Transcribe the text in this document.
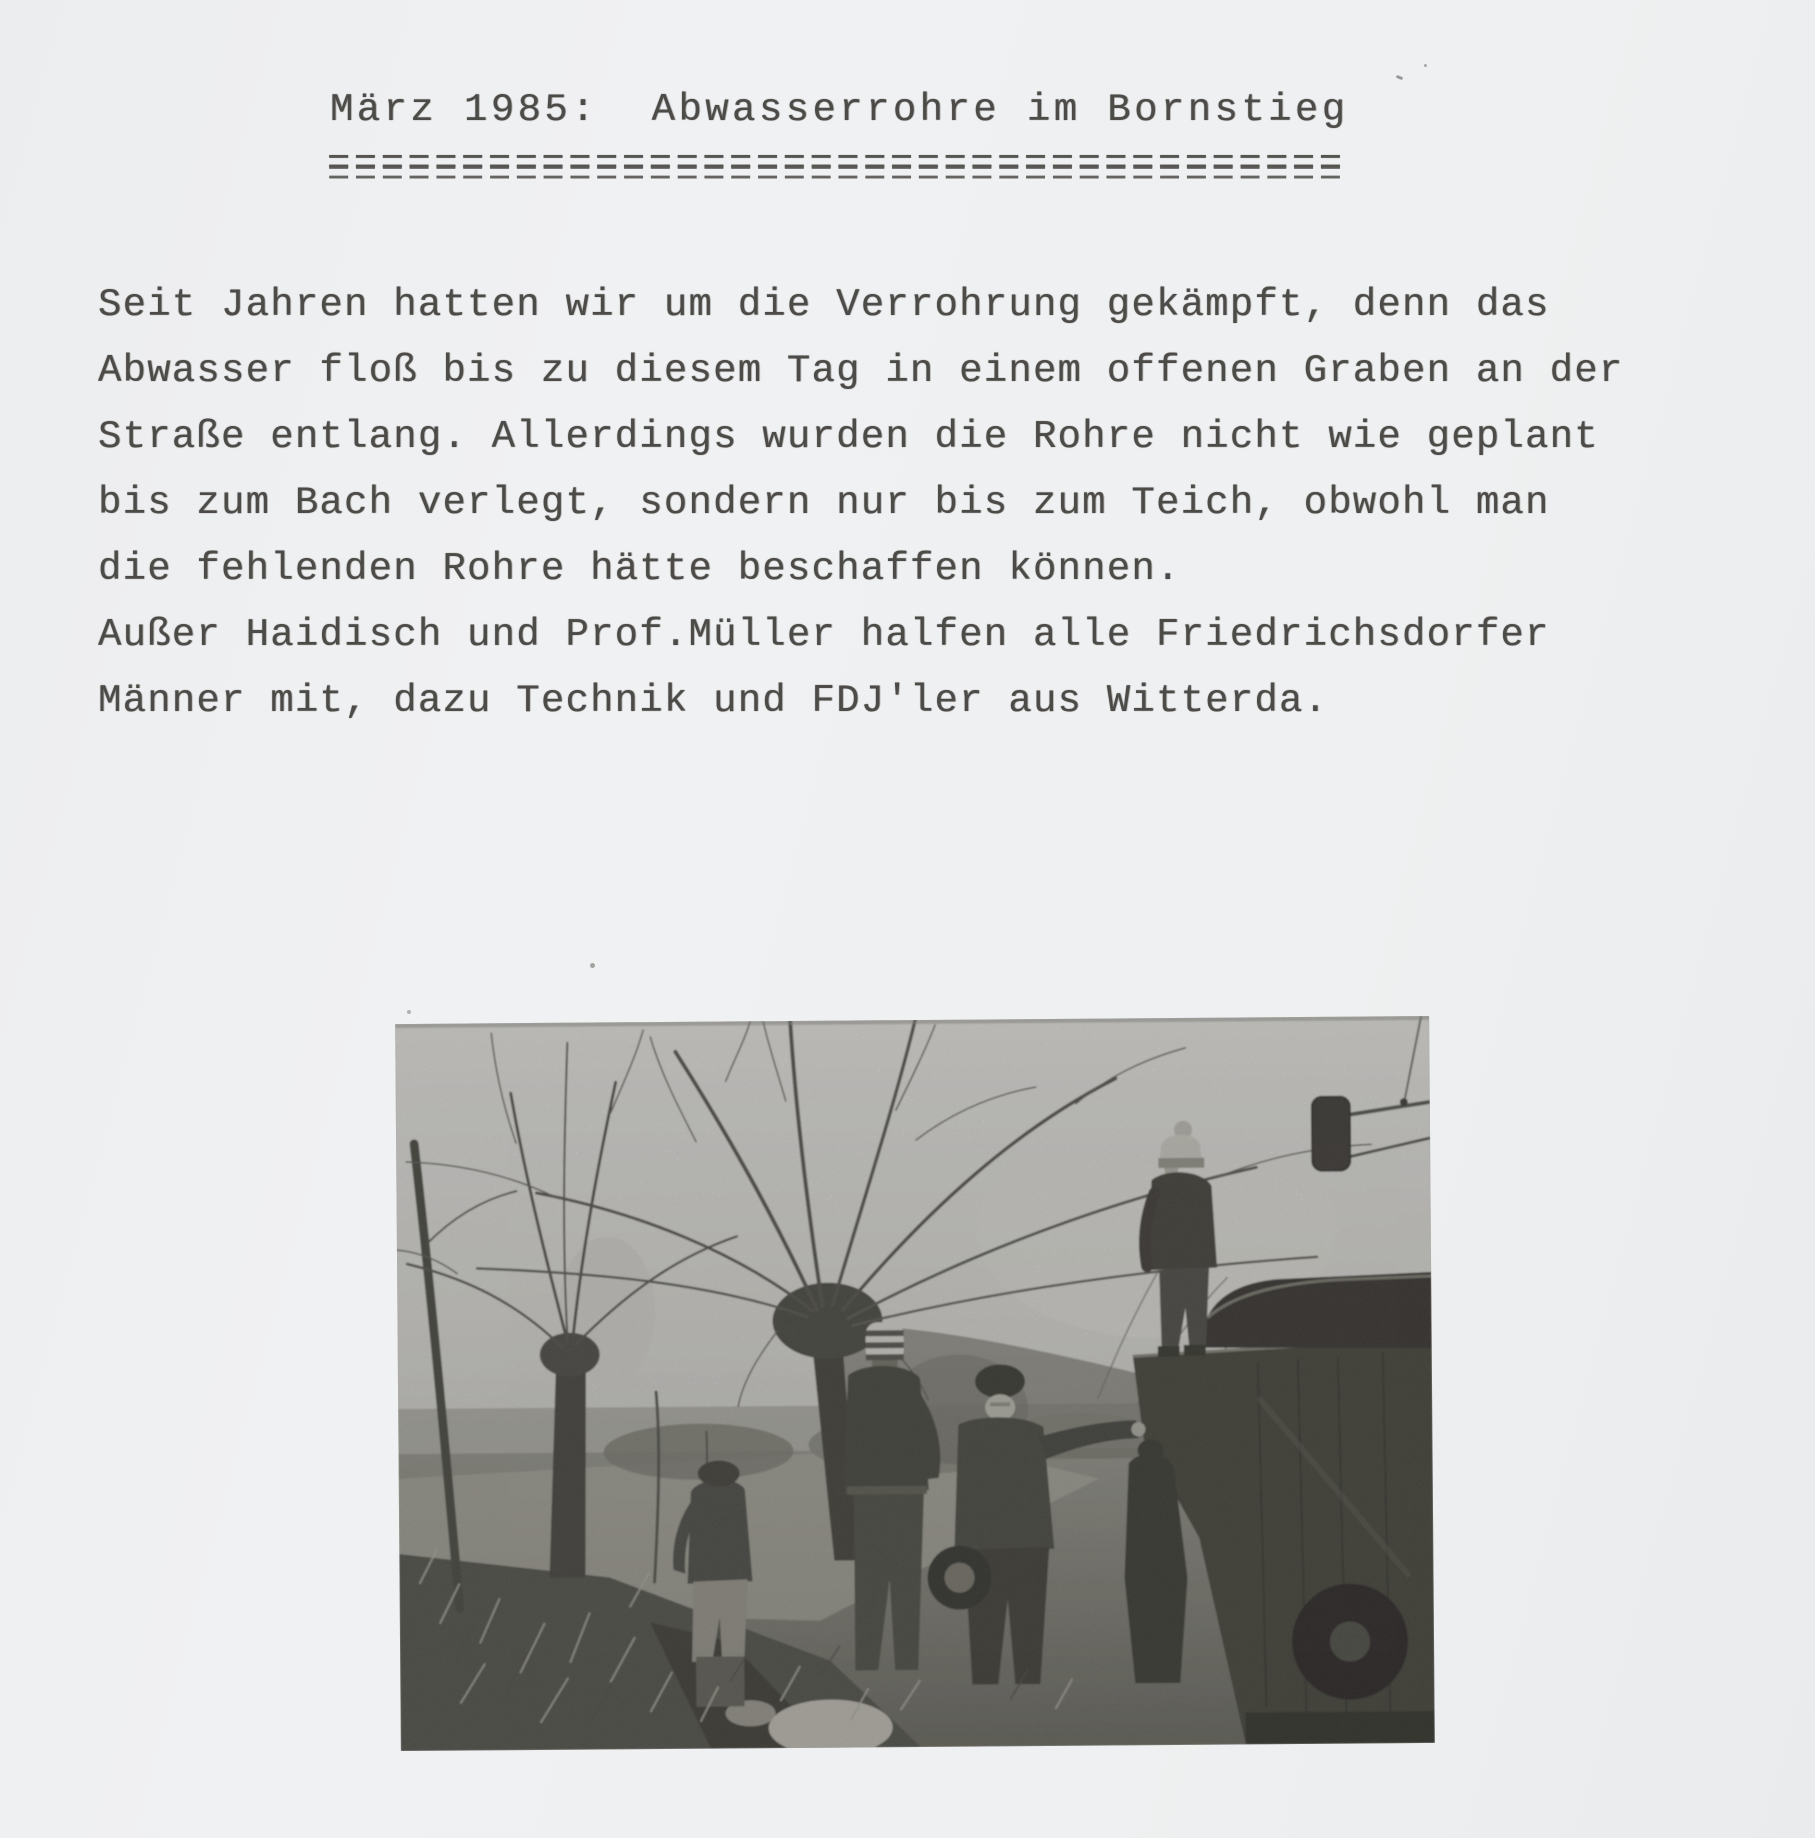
März 1985:  Abwasserrohre im Bornstieg
======================================
Seit Jahren hatten wir um die Verrohrung gekämpft, denn das
Abwasser floß bis zu diesem Tag in einem offenen Graben an der
Straße entlang. Allerdings wurden die Rohre nicht wie geplant
bis zum Bach verlegt, sondern nur bis zum Teich, obwohl man
die fehlenden Rohre hätte beschaffen können.
Außer Haidisch und Prof.Müller halfen alle Friedrichsdorfer
Männer mit, dazu Technik und FDJ'ler aus Witterda.
